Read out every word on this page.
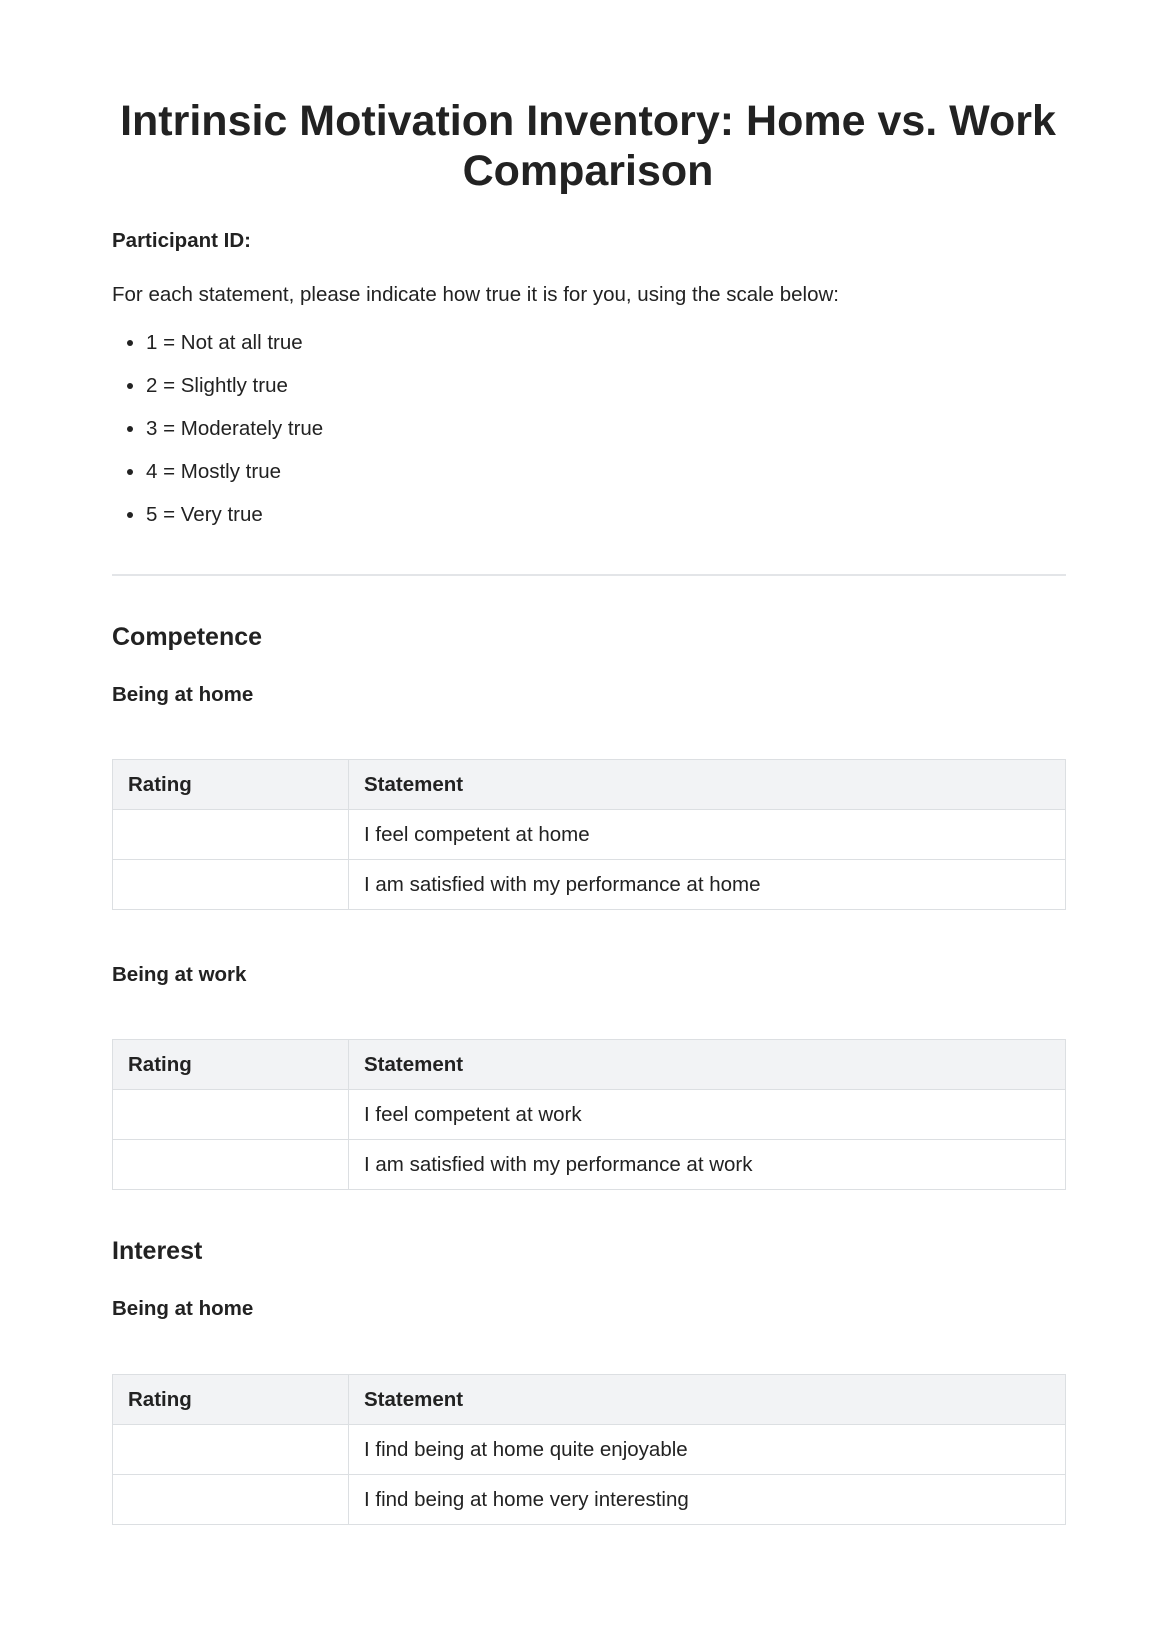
Intrinsic Motivation Inventory: Home vs. Work Comparison
Participant ID:
For each statement, please indicate how true it is for you, using the scale below:
• 1 = Not at all true
• 2 = Slightly true
• 3 = Moderately true
• 4 = Mostly true
• 5 = Very true
Competence
Being at home
Rating	Statement
	I feel competent at home
	I am satisfied with my performance at home
Being at work
Rating	Statement
	I feel competent at work
	I am satisfied with my performance at work
Interest
Being at home
Rating	Statement
	I find being at home quite enjoyable
	I find being at home very interesting
